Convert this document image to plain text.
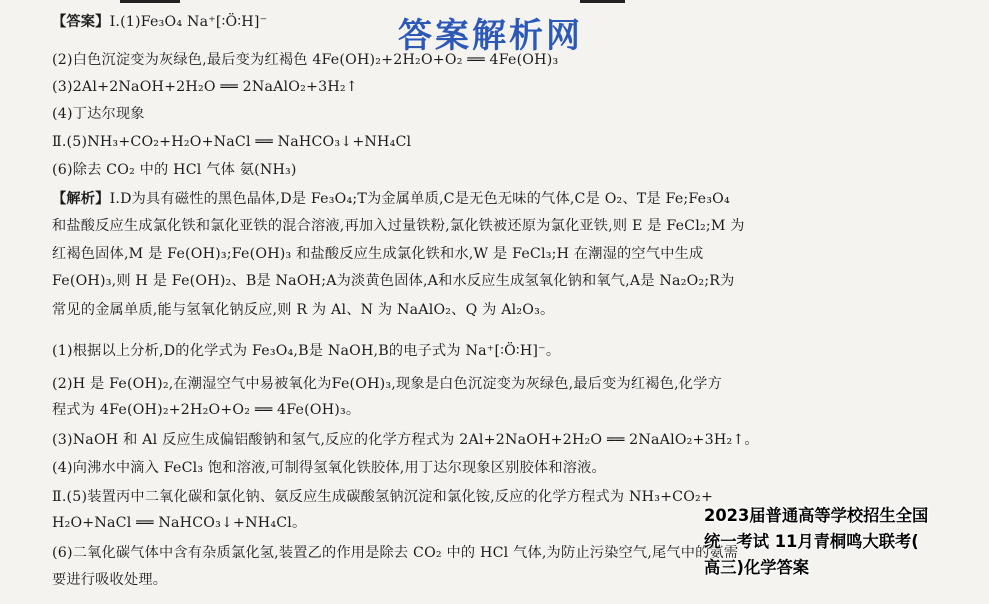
【答案】Ⅰ.(1)Fe₃O₄ Na⁺[∶Ö∶H]⁻
(2)白色沉淀变为灰绿色,最后变为红褐色 4Fe(OH)₂+2H₂O+O₂ ══ 4Fe(OH)₃
(3)2Al+2NaOH+2H₂O ══ 2NaAlO₂+3H₂↑
(4)丁达尔现象
Ⅱ.(5)NH₃+CO₂+H₂O+NaCl ══ NaHCO₃↓+NH₄Cl
(6)除去 CO₂ 中的 HCl 气体 氨(NH₃)
【解析】Ⅰ.D为具有磁性的黑色晶体,D是 Fe₃O₄;T为金属单质,C是无色无味的气体,C是 O₂、T是 Fe;Fe₃O₄
和盐酸反应生成氯化铁和氯化亚铁的混合溶液,再加入过量铁粉,氯化铁被还原为氯化亚铁,则 E 是 FeCl₂;M 为
红褐色固体,M 是 Fe(OH)₃;Fe(OH)₃ 和盐酸反应生成氯化铁和水,W 是 FeCl₃;H 在潮湿的空气中生成
Fe(OH)₃,则 H 是 Fe(OH)₂、B是 NaOH;A为淡黄色固体,A和水反应生成氢氧化钠和氧气,A是 Na₂O₂;R为
常见的金属单质,能与氢氧化钠反应,则 R 为 Al、N 为 NaAlO₂、Q 为 Al₂O₃。
(1)根据以上分析,D的化学式为 Fe₃O₄,B是 NaOH,B的电子式为 Na⁺[∶Ö∶H]⁻。
(2)H 是 Fe(OH)₂,在潮湿空气中易被氧化为Fe(OH)₃,现象是白色沉淀变为灰绿色,最后变为红褐色,化学方
程式为 4Fe(OH)₂+2H₂O+O₂ ══ 4Fe(OH)₃。
(3)NaOH 和 Al 反应生成偏铝酸钠和氢气,反应的化学方程式为 2Al+2NaOH+2H₂O ══ 2NaAlO₂+3H₂↑。
(4)向沸水中滴入 FeCl₃ 饱和溶液,可制得氢氧化铁胶体,用丁达尔现象区别胶体和溶液。
Ⅱ.(5)装置丙中二氧化碳和氯化钠、氨反应生成碳酸氢钠沉淀和氯化铵,反应的化学方程式为 NH₃+CO₂+
H₂O+NaCl ══ NaHCO₃↓+NH₄Cl。
(6)二氧化碳气体中含有杂质氯化氢,装置乙的作用是除去 CO₂ 中的 HCl 气体,为防止污染空气,尾气中的氨需
要进行吸收处理。
答案解析网
2023届普通高等学校招生全国
统一考试 11月青桐鸣大联考(
高三)化学答案
